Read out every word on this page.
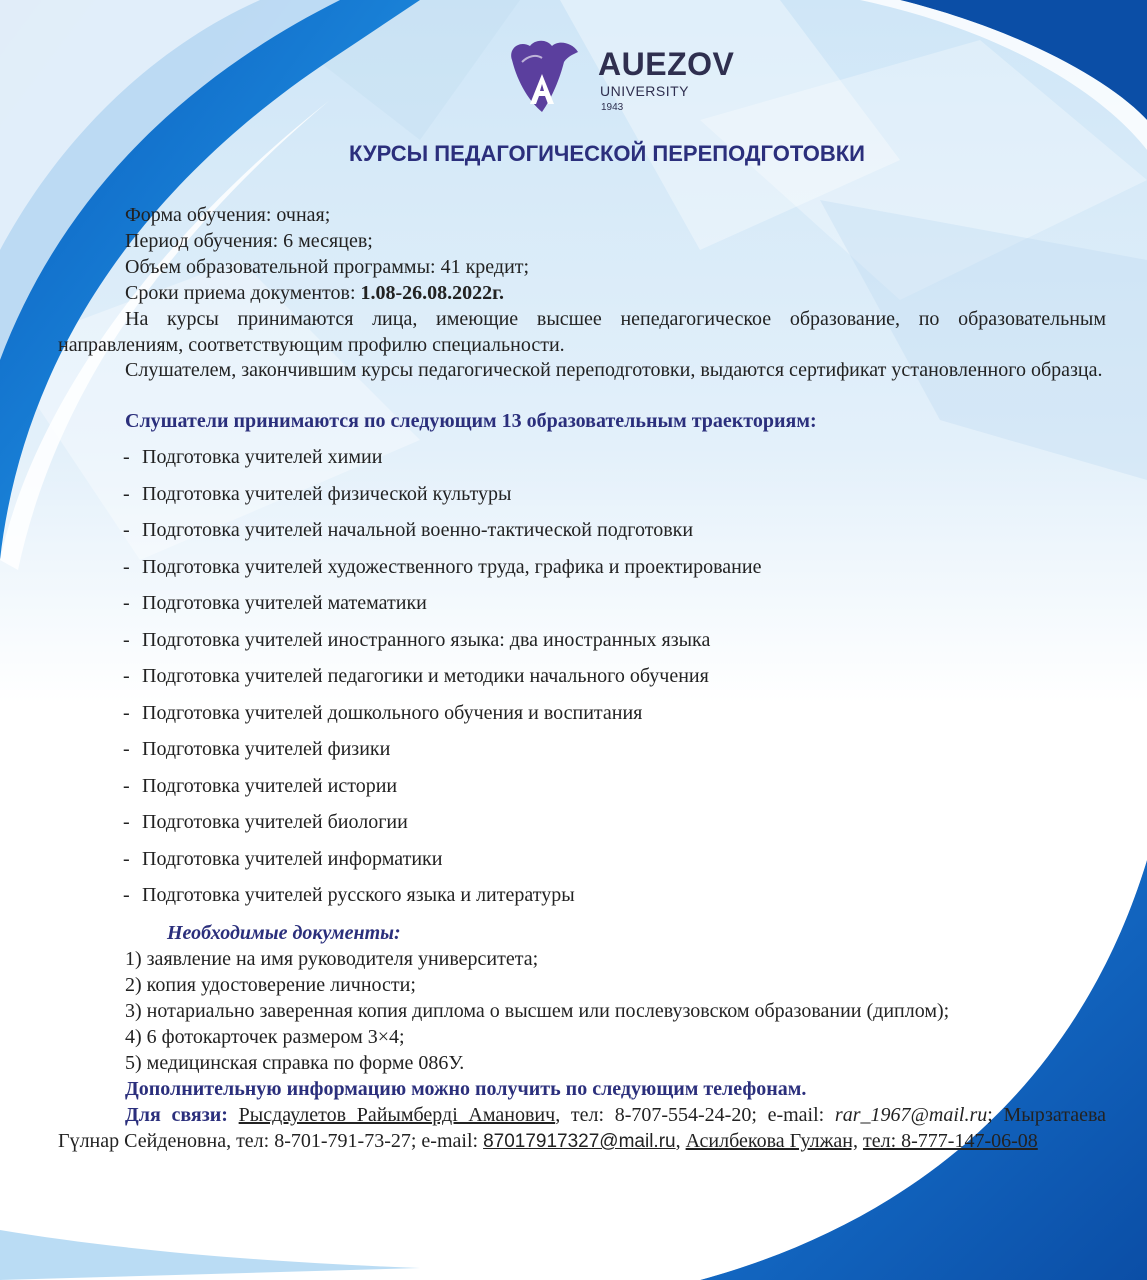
A
AUEZOV
UNIVERSITY
1943
КУРСЫ ПЕДАГОГИЧЕСКОЙ ПЕРЕПОДГОТОВКИ

Форма обучения: очная;

Период обучения: 6 месяцев;

Объем образовательной программы: 41 кредит;

Сроки приема документов: 1.08-26.08.2022г.

На курсы принимаются лица, имеющие высшее непедагогическое образование, по образовательным направлениям, соответствующим профилю специальности.

Слушателем, закончившим курсы педагогической переподготовки, выдаются сертификат установленного образца.

Слушатели принимаются по следующим 13 образовательным траекториям:

- Подготовка учителей химии
- Подготовка учителей физической культуры
- Подготовка учителей начальной военно-тактической подготовки
- Подготовка учителей художественного труда, графика и проектирование
- Подготовка учителей математики
- Подготовка учителей иностранного языка: два иностранных языка
- Подготовка учителей педагогики и методики начального обучения
- Подготовка учителей дошкольного обучения и воспитания
- Подготовка учителей физики
- Подготовка учителей истории
- Подготовка учителей биологии
- Подготовка учителей информатики
- Подготовка учителей русского языка и литературы

Необходимые документы:

1) заявление на имя руководителя университета;

2) копия удостоверение личности;

3) нотариально заверенная копия диплома о высшем или послевузовском образовании (диплом);

4) 6 фотокарточек размером 3×4;

5) медицинская справка по форме 086У.

Дополнительную информацию можно получить по следующим телефонам.

Для связи: Рысдаулетов Райымберді Аманович, тел: 8-707-554-24-20; e-mail: rar_1967@mail.ru; Мырзатаева Гүлнар Сейденовна, тел: 8-701-791-73-27; e-mail: 87017917327@mail.ru, Асилбекова Гулжан, тел: 8-777-147-06-08
